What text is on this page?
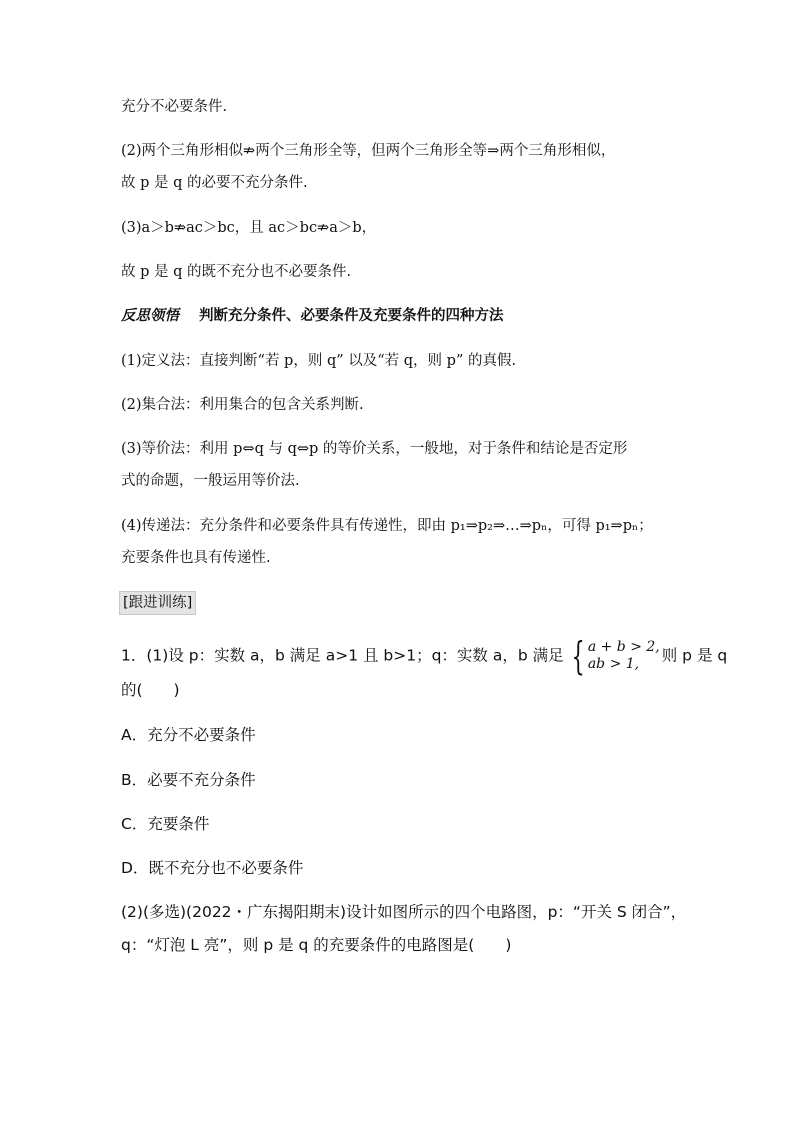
充分不必要条件.
(2)两个三角形相似⇏两个三角形全等，但两个三角形全等⇒两个三角形相似，
故 p 是 q 的必要不充分条件.
(3)a＞b⇏ac＞bc，且 ac＞bc⇏a＞b，
故 p 是 q 的既不充分也不必要条件.
反思领悟 判断充分条件、必要条件及充要条件的四种方法
(1)定义法：直接判断“若 p，则 q” 以及“若 q，则 p” 的真假.
(2)集合法：利用集合的包含关系判断.
(3)等价法：利用 p⇔q 与 q⇔p 的等价关系，一般地，对于条件和结论是否定形
式的命题，一般运用等价法.
(4)传递法：充分条件和必要条件具有传递性，即由 p₁⇒p₂⇒…⇒pₙ，可得 p₁⇒pₙ；
充要条件也具有传递性.
[跟进训练]
1．(1)设 p：实数 a，b 满足 a>1 且 b>1；q：实数 a，b 满足 { a + b > 2,
ab > 1,	则 p 是 q
的(　　)
A．充分不必要条件
B．必要不充分条件
C．充要条件
D．既不充分也不必要条件
(2)(多选)(2022・广东揭阳期末)设计如图所示的四个电路图，p：“开关 S 闭合”，
q：“灯泡 L 亮”，则 p 是 q 的充要条件的电路图是(　　)
